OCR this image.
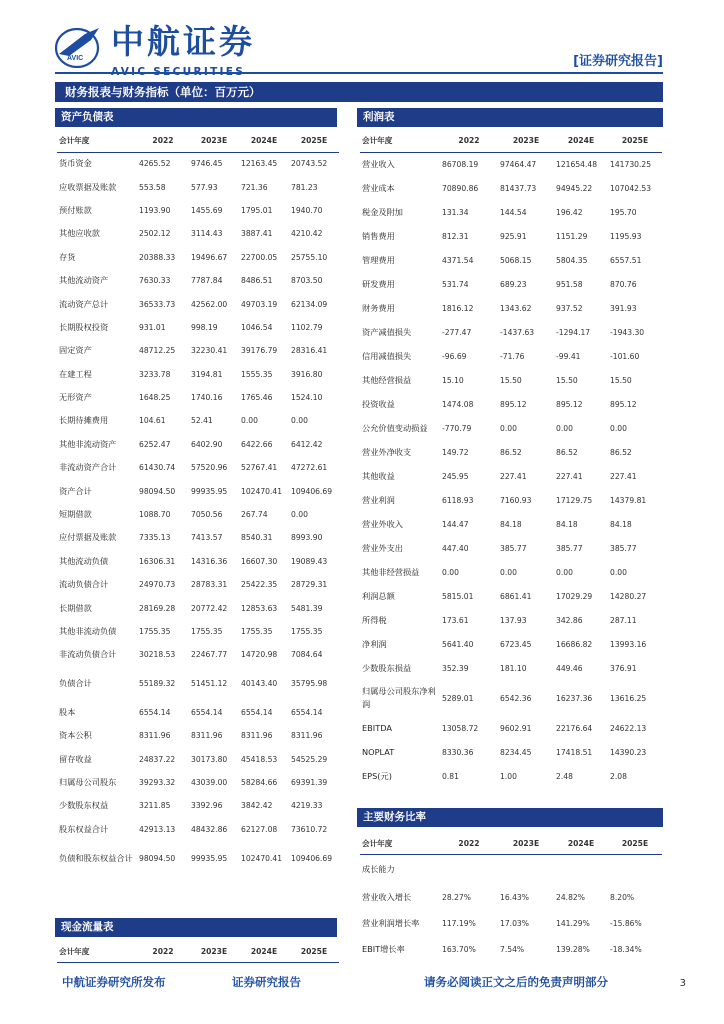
AVIC 中航证券
[证券研究报告]
财务报表与财务指标（单位：百万元）
资产负债表	利润表
主要财务比率
现金流量表
会计年度	2022	2023E	2024E	2025E
货币资金	4265.52	9746.45	12163.45	20743.52
应收票据及账款	553.58	577.93	721.36	781.23
预付账款	1193.90	1455.69	1795.01	1940.70
其他应收款	2502.12	3114.43	3887.41	4210.42
存货	20388.33	19496.67	22700.05	25755.10
其他流动资产	7630.33	7787.84	8486.51	8703.50
流动资产总计	36533.73	42562.00	49703.19	62134.09
长期股权投资	931.01	998.19	1046.54	1102.79
固定资产	48712.25	32230.41	39176.79	28316.41
在建工程	3233.78	3194.81	1555.35	3916.80
无形资产	1648.25	1740.16	1765.46	1524.10
长期待摊费用	104.61	52.41	0.00	0.00
其他非流动资产	6252.47	6402.90	6422.66	6412.42
非流动资产合计	61430.74	57520.96	52767.41	47272.61
资产合计	98094.50	99935.95	102470.41	109406.69
短期借款	1088.70	7050.56	267.74	0.00
应付票据及账款	7335.13	7413.57	8540.31	8993.90
其他流动负债	16306.31	14316.36	16607.30	19089.43
流动负债合计	24970.73	28783.31	25422.35	28729.31
长期借款	28169.28	20772.42	12853.63	5481.39
其他非流动负债	1755.35	1755.35	1755.35	1755.35
非流动负债合计	30218.53	22467.77	14720.98	7084.64
负债合计	55189.32	51451.12	40143.40	35795.98
股本	6554.14	6554.14	6554.14	6554.14
资本公积	8311.96	8311.96	8311.96	8311.96
留存收益	24837.22	30173.80	45418.53	54525.29
归属母公司股东	39293.32	43039.00	58284.66	69391.39
少数股东权益	3211.85	3392.96	3842.42	4219.33
股东权益合计	42913.13	48432.86	62127.08	73610.72
负债和股东权益合计	98094.50	99935.95	102470.41	109406.69
会计年度	2022	2023E	2024E	2025E
营业收入	86708.19	97464.47	121654.48	141730.25
营业成本	70890.86	81437.73	94945.22	107042.53
税金及附加	131.34	144.54	196.42	195.70
销售费用	812.31	925.91	1151.29	1195.93
管理费用	4371.54	5068.15	5804.35	6557.51
研发费用	531.74	689.23	951.58	870.76
财务费用	1816.12	1343.62	937.52	391.93
资产减值损失	-277.47	-1437.63	-1294.17	-1943.30
信用减值损失	-96.69	-71.76	-99.41	-101.60
其他经营损益	15.10	15.50	15.50	15.50
投资收益	1474.08	895.12	895.12	895.12
公允价值变动损益	-770.79	0.00	0.00	0.00
营业外净收支	149.72	86.52	86.52	86.52
其他收益	245.95	227.41	227.41	227.41
营业利润	6118.93	7160.93	17129.75	14379.81
营业外收入	144.47	84.18	84.18	84.18
营业外支出	447.40	385.77	385.77	385.77
其他非经营损益	0.00	0.00	0.00	0.00
利润总额	5815.01	6861.41	17029.29	14280.27
所得税	173.61	137.93	342.86	287.11
净利润	5641.40	6723.45	16686.82	13993.16
少数股东损益	352.39	181.10	449.46	376.91
归属母公司股东净利润	5289.01	6542.36	16237.36	13616.25
EBITDA	13058.72	9602.91	22176.64	24622.13
NOPLAT	8330.36	8234.45	17418.51	14390.23
EPS(元)	0.81	1.00	2.48	2.08
会计年度	2022	2023E	2024E	2025E
成长能力				
营业收入增长	28.27%	16.43%	24.82%	8.20%
营业利润增长率	117.19%	17.03%	141.29%	-15.86%
EBIT增长率	163.70%	7.54%	139.28%	-18.34%
会计年度	2022	2023E	2024E	2025E
中航证券研究所发布	证券研究报告	请务必阅读正文之后的免责声明部分	3
